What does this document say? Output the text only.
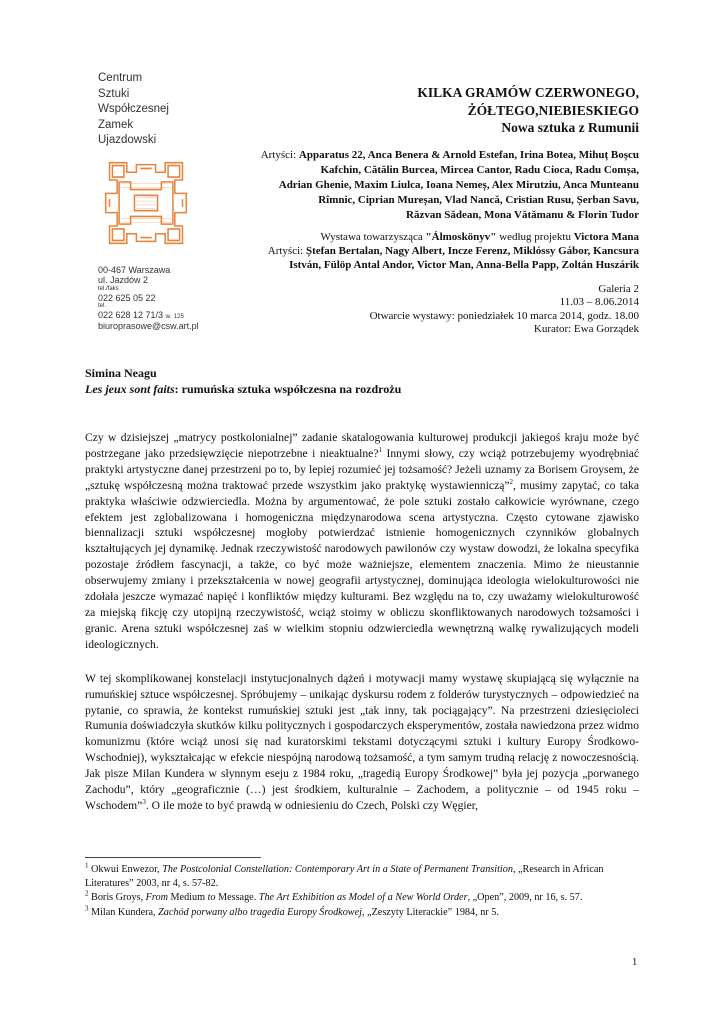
Centrum
Sztuki
Współczesnej
Zamek
Ujazdowski
00-467 Warszawa
ul. Jazdów 2
tel./faks
022 625 05 22
tel.
022 628 12 71/3 w. 125
biuroprasowe@csw.art.pl
KILKA GRAMÓW CZERWONEGO,
ŻÓŁTEGO,NIEBIESKIEGO
Nowa sztuka z Rumunii
Artyści: Apparatus 22, Anca Benera & Arnold Estefan, Irina Botea, Mihuț Boșcu
Kafchin, Cătălin Burcea, Mircea Cantor, Radu Cioca, Radu Comșa,
Adrian Ghenie, Maxim Liulca, Ioana Nemeș, Alex Mirutziu, Anca Munteanu
Rîmnic, Ciprian Mureșan, Vlad Nancă, Cristian Rusu, Șerban Savu,
Răzvan Sădean, Mona Vătămanu & Florin Tudor
Wystawa towarzysząca "Álmoskönyv" według projektu Victora Mana
Artyści: Ștefan Bertalan, Nagy Albert, Incze Ferenz, Miklóssy Gábor, Kancsura
István, Fülöp Antal Andor, Victor Man, Anna-Bella Papp, Zoltán Huszárik
Galeria 2
11.03 – 8.06.2014
Otwarcie wystawy: poniedziałek 10 marca 2014, godz. 18.00
Kurator: Ewa Gorządek
Simina Neagu
Les jeux sont faits: rumuńska sztuka współczesna na rozdrożu

Czy w dzisiejszej „matrycy postkolonialnej” zadanie skatalogowania kulturowej produkcji jakiegoś kraju może być postrzegane jako przedsięwzięcie niepotrzebne i nieaktualne?$^1$ Innymi słowy, czy wciąż potrzebujemy wyodrębniać praktyki artystyczne danej przestrzeni po to, by lepiej rozumieć jej tożsamość? Jeżeli uznamy za Borisem Groysem, że „sztukę współczesną można traktować przede wszystkim jako praktykę wystawienniczą”$^2$, musimy zapytać, co taka praktyka właściwie odzwierciedla. Można by argumentować, że pole sztuki zostało całkowicie wyrównane, czego efektem jest zglobalizowana i homogeniczna międzynarodowa scena artystyczna. Często cytowane zjawisko biennalizacji sztuki współczesnej mogłoby potwierdzać istnienie homogenicznych czynników globalnych kształtujących jej dynamikę. Jednak rzeczywistość narodowych pawilonów czy wystaw dowodzi, że lokalna specyfika pozostaje źródłem fascynacji, a także, co być może ważniejsze, elementem znaczenia. Mimo że nieustannie obserwujemy zmiany i przekształcenia w nowej geografii artystycznej, dominująca ideologia wielokulturowości nie zdołała jeszcze wymazać napięć i konfliktów między kulturami. Bez względu na to, czy uważamy wielokulturowość za miejską fikcję czy utopijną rzeczywistość, wciąż stoimy w obliczu skonfliktowanych narodowych tożsamości i granic. Arena sztuki współczesnej zaś w wielkim stopniu odzwierciedla wewnętrzną walkę rywalizujących modeli ideologicznych.

W tej skomplikowanej konstelacji instytucjonalnych dążeń i motywacji mamy wystawę skupiającą się wyłącznie na rumuńskiej sztuce współczesnej. Spróbujemy – unikając dyskursu rodem z folderów turystycznych – odpowiedzieć na pytanie, co sprawia, że kontekst rumuńskiej sztuki jest „tak inny, tak pociągający”. Na przestrzeni dziesięcioleci Rumunia doświadczyła skutków kilku politycznych i gospodarczych eksperymentów, została nawiedzona przez widmo komunizmu (które wciąż unosi się nad kuratorskimi tekstami dotyczącymi sztuki i kultury Europy Środkowo-Wschodniej), wykształcając w efekcie niespójną narodową tożsamość, a tym samym trudną relację z nowoczesnością. Jak pisze Milan Kundera w słynnym eseju z 1984 roku, „tragedią Europy Środkowej” była jej pozycja „porwanego Zachodu”, który „geograficznie (…) jest środkiem, kulturalnie – Zachodem, a politycznie – od 1945 roku – Wschodem”$^3$. O ile może to być prawdą w odniesieniu do Czech, Polski czy Węgier,

$^1$ Okwui Enwezor, The Postcolonial Constellation: Contemporary Art in a State of Permanent Transition, „Research in African Literatures” 2003, nr 4, s. 57-82.
$^2$ Boris Groys, From Medium to Message. The Art Exhibition as Model of a New World Order, „Open”, 2009, nr 16, s. 57.
$^3$ Milan Kundera, Zachód porwany albo tragedia Europy Środkowej, „Zeszyty Literackie” 1984, nr 5.
1
